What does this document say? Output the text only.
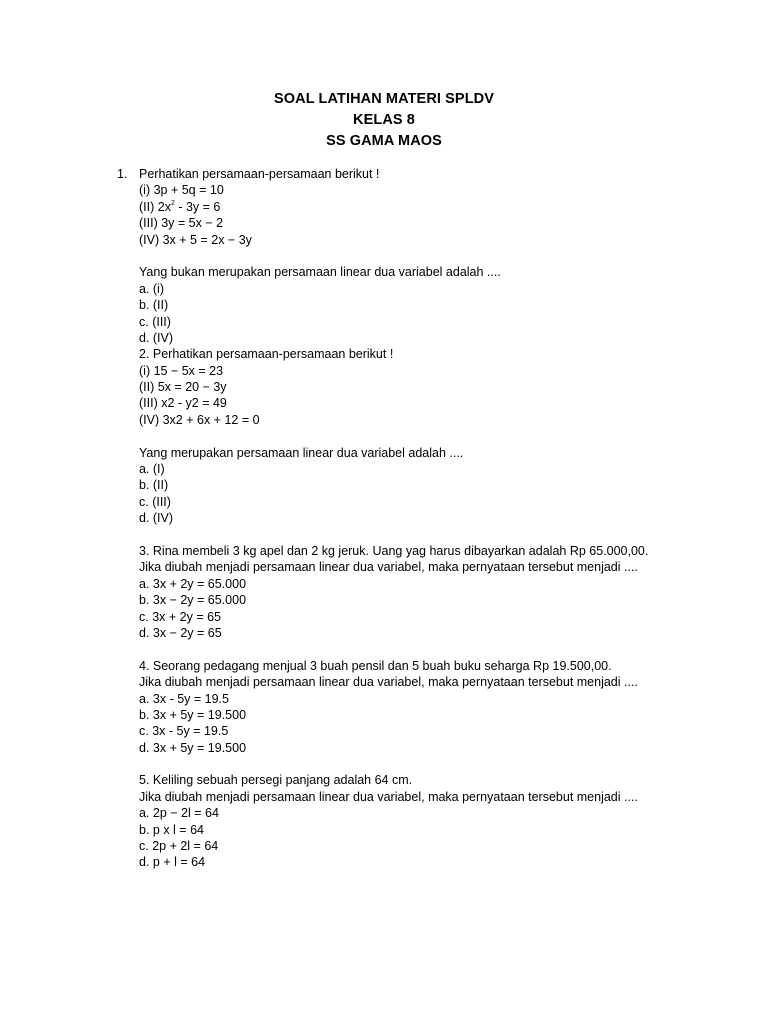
SOAL LATIHAN MATERI SPLDV
KELAS 8
SS GAMA MAOS
1. Perhatikan persamaan-persamaan berikut !
(i) 3p + 5q = 10
(II) $2x^2 - 3y = 6$
(III) 3y = 5x − 2
(IV) 3x + 5 = 2x − 3y
Yang bukan merupakan persamaan linear dua variabel adalah ....
a. (i)
b. (II)
c. (III)
d. (IV)
2. Perhatikan persamaan-persamaan berikut !
(i) 15 − 5x = 23
(II) 5x = 20 − 3y
(III) x2 - y2 = 49
(IV) 3x2 + 6x + 12 = 0
Yang merupakan persamaan linear dua variabel adalah ....
a. (I)
b. (II)
c. (III)
d. (IV)
3. Rina membeli 3 kg apel dan 2 kg jeruk. Uang yag harus dibayarkan adalah Rp 65.000,00.
Jika diubah menjadi persamaan linear dua variabel, maka pernyataan tersebut menjadi ....
a. 3x + 2y = 65.000
b. 3x − 2y = 65.000
c. 3x + 2y = 65
d. 3x − 2y = 65
4. Seorang pedagang menjual 3 buah pensil dan 5 buah buku seharga Rp 19.500,00.
Jika diubah menjadi persamaan linear dua variabel, maka pernyataan tersebut menjadi ....
a. 3x - 5y = 19.5
b. 3x + 5y = 19.500
c. 3x - 5y = 19.5
d. 3x + 5y = 19.500
5. Keliling sebuah persegi panjang adalah 64 cm.
Jika diubah menjadi persamaan linear dua variabel, maka pernyataan tersebut menjadi ....
a. 2p − 2l = 64
b. p x l = 64
c. 2p + 2l = 64
d. p + l = 64
